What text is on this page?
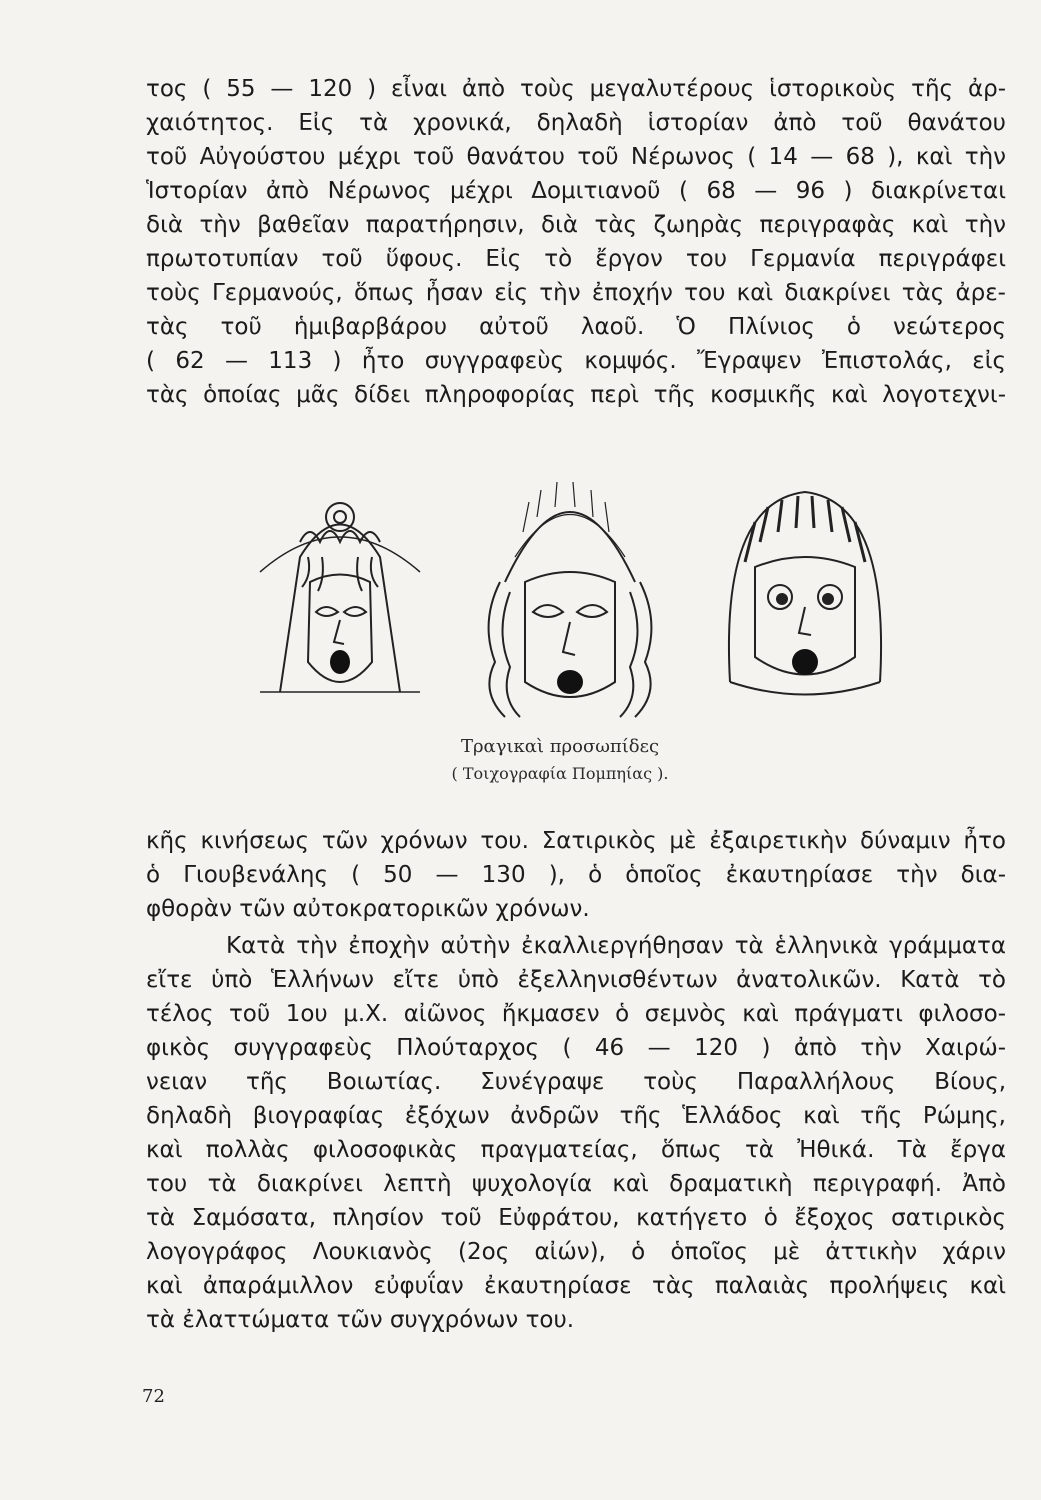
τος ( 55 — 120 ) εἶναι ἀπὸ τοὺς μεγαλυτέρους ἱστορικοὺς τῆς ἀρ-
χαιότητος. Εἰς τὰ χρονικά, δηλαδὴ ἱστορίαν ἀπὸ τοῦ θανάτου
τοῦ Αὐγούστου μέχρι τοῦ θανάτου τοῦ Νέρωνος ( 14 — 68 ), καὶ τὴν
Ἱστορίαν ἀπὸ Νέρωνος μέχρι Δομιτιανοῦ ( 68 — 96 ) διακρίνεται
διὰ τὴν βαθεῖαν παρατήρησιν, διὰ τὰς ζωηρὰς περιγραφὰς καὶ τὴν
πρωτοτυπίαν τοῦ ὕφους. Εἰς τὸ ἔργον του Γερμανία περιγράφει
τοὺς Γερμανούς, ὅπως ἦσαν εἰς τὴν ἐποχήν του καὶ διακρίνει τὰς ἀρε-
τὰς τοῦ ἡμιβαρβάρου αὐτοῦ λαοῦ. Ὁ Πλίνιος ὁ νεώτερος
( 62 — 113 ) ἦτο συγγραφεὺς κομψός. Ἔγραψεν Ἐπιστολάς, εἰς
τὰς ὁποίας μᾶς δίδει πληροφορίας περὶ τῆς κοσμικῆς καὶ λογοτεχνι-
Τραγικαὶ προσωπίδες
( Τοιχογραφία Πομπηίας ).
κῆς κινήσεως τῶν χρόνων του. Σατιρικὸς μὲ ἐξαιρετικὴν δύναμιν ἦτο
ὁ Γιουβενάλης ( 50 — 130 ), ὁ ὁποῖος ἐκαυτηρίασε τὴν δια-
φθορὰν τῶν αὐτοκρατορικῶν χρόνων.
Κατὰ τὴν ἐποχὴν αὐτὴν ἐκαλλιεργήθησαν τὰ ἑλληνικὰ γράμματα
εἴτε ὑπὸ Ἑλλήνων εἴτε ὑπὸ ἐξελληνισθέντων ἀνατολικῶν. Κατὰ τὸ
τέλος τοῦ 1ου μ.Χ. αἰῶνος ἤκμασεν ὁ σεμνὸς καὶ πράγματι φιλοσο-
φικὸς συγγραφεὺς Πλούταρχος ( 46 — 120 ) ἀπὸ τὴν Χαιρώ-
νειαν τῆς Βοιωτίας. Συνέγραψε τοὺς Παραλλήλους Βίους,
δηλαδὴ βιογραφίας ἐξόχων ἀνδρῶν τῆς Ἑλλάδος καὶ τῆς Ρώμης,
καὶ πολλὰς φιλοσοφικὰς πραγματείας, ὅπως τὰ Ἠθικά. Τὰ ἔργα
του τὰ διακρίνει λεπτὴ ψυχολογία καὶ δραματικὴ περιγραφή. Ἀπὸ
τὰ Σαμόσατα, πλησίον τοῦ Εὐφράτου, κατήγετο ὁ ἔξοχος σατιρικὸς
λογογράφος Λουκιανὸς (2ος αἰών), ὁ ὁποῖος μὲ ἀττικὴν χάριν
καὶ ἀπαράμιλλον εὐφυΐαν ἐκαυτηρίασε τὰς παλαιὰς προλήψεις καὶ
τὰ ἐλαττώματα τῶν συγχρόνων του.
72
